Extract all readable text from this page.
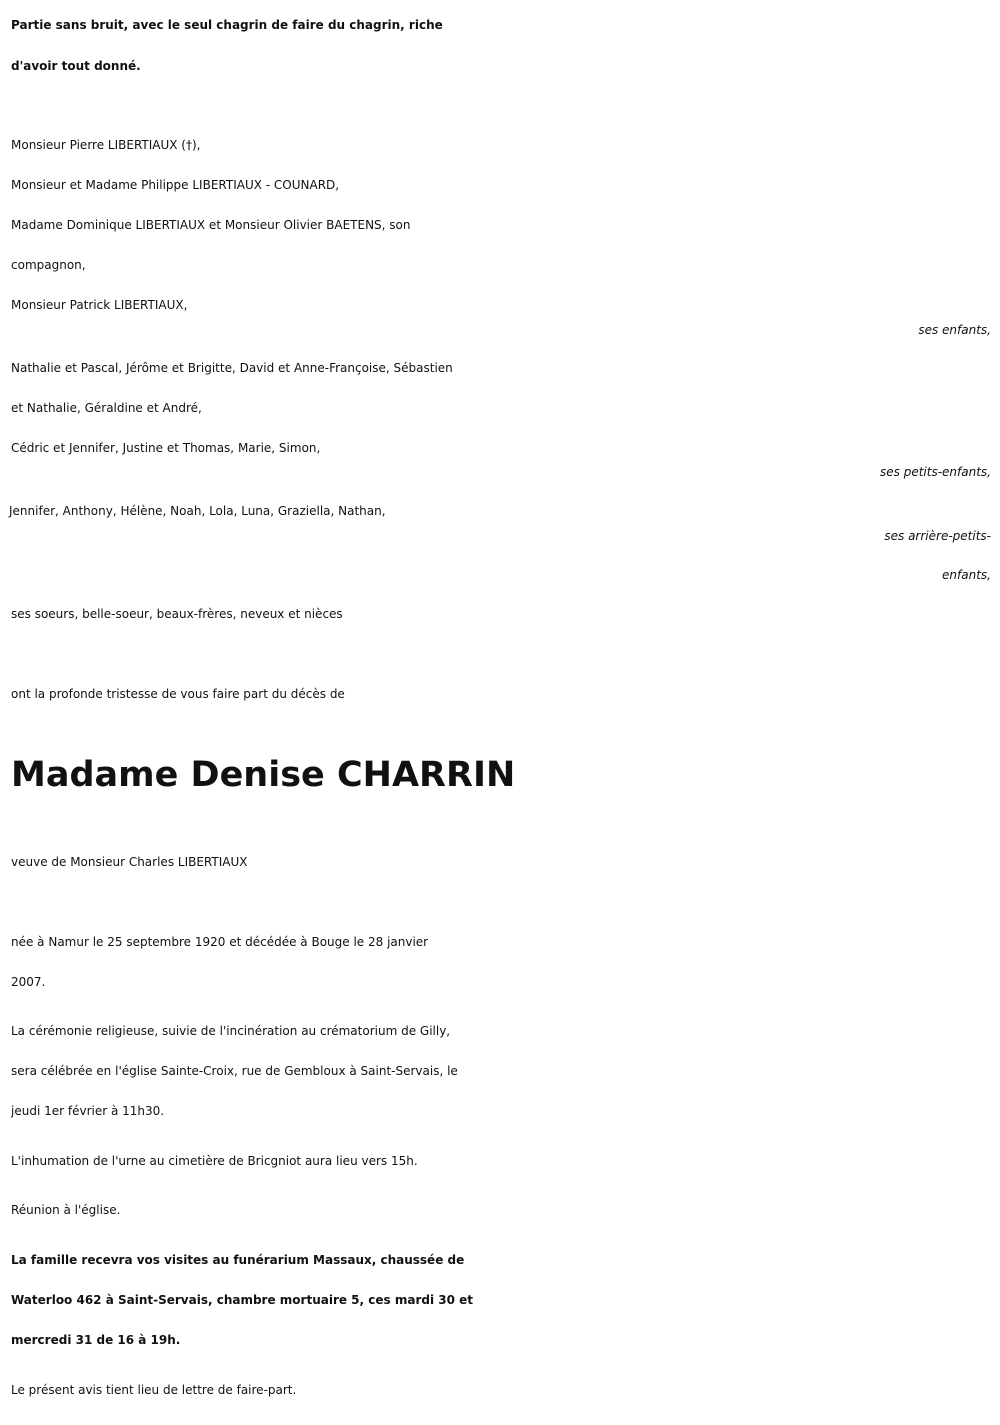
Partie sans bruit, avec le seul chagrin de faire du chagrin, riche
d'avoir tout donné.
Monsieur Pierre LIBERTIAUX (†),
Monsieur et Madame Philippe LIBERTIAUX - COUNARD,
Madame Dominique LIBERTIAUX et Monsieur Olivier BAETENS, son
compagnon,
Monsieur Patrick LIBERTIAUX,
ses enfants,
Nathalie et Pascal, Jérôme et Brigitte, David et Anne-Françoise, Sébastien
et Nathalie, Géraldine et André,
Cédric et Jennifer, Justine et Thomas, Marie, Simon,
ses petits-enfants,
Jennifer, Anthony, Hélène, Noah, Lola, Luna, Graziella, Nathan,
ses arrière-petits-
enfants,
ses soeurs, belle-soeur, beaux-frères, neveux et nièces
ont la profonde tristesse de vous faire part du décès de
Madame Denise CHARRIN
veuve de Monsieur Charles LIBERTIAUX
née à Namur le 25 septembre 1920 et décédée à Bouge le 28 janvier
2007.
La cérémonie religieuse, suivie de l'incinération au crématorium de Gilly,
sera célébrée en l'église Sainte-Croix, rue de Gembloux à Saint-Servais, le
jeudi 1er février à 11h30.
L'inhumation de l'urne au cimetière de Bricgniot aura lieu vers 15h.
Réunion à l'église.
La famille recevra vos visites au funérarium Massaux, chaussée de
Waterloo 462 à Saint-Servais, chambre mortuaire 5, ces mardi 30 et
mercredi 31 de 16 à 19h.
Le présent avis tient lieu de lettre de faire-part.
